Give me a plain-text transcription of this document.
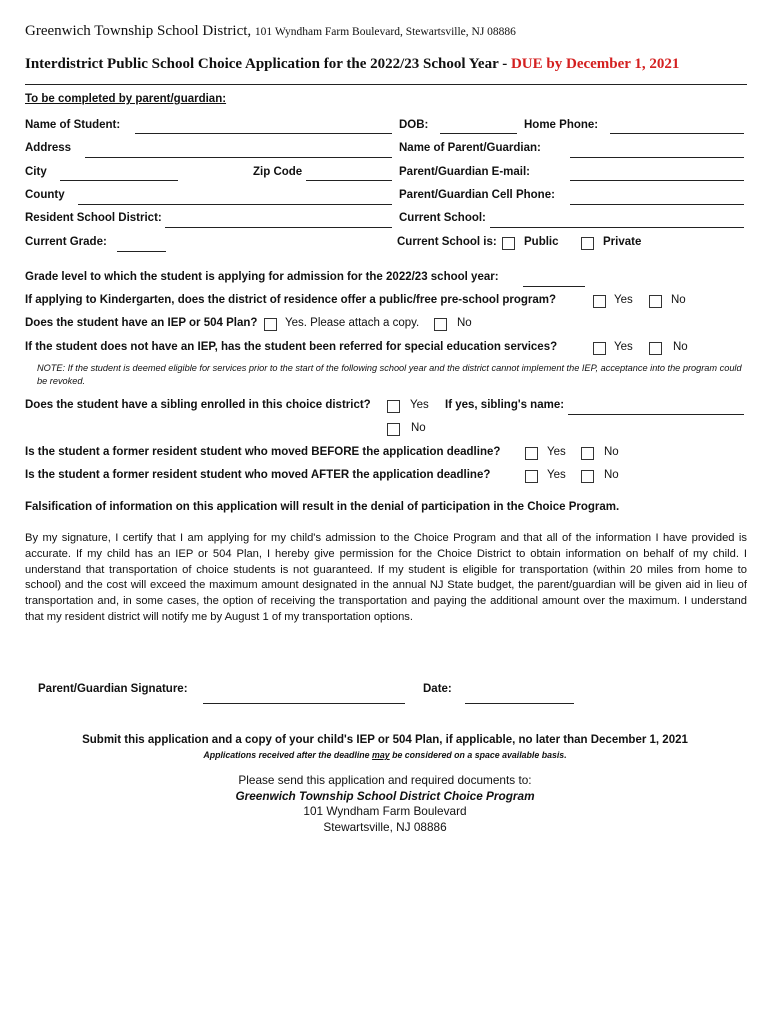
Greenwich Township School District, 101 Wyndham Farm Boulevard, Stewartsville, NJ 08886
Interdistrict Public School Choice Application for the 2022/23 School Year - DUE by December 1, 2021
To be completed by parent/guardian:
Name of Student:	DOB:	Home Phone:
Address	Name of Parent/Guardian:
City	Zip Code	Parent/Guardian E-mail:
County	Parent/Guardian Cell Phone:
Resident School District:	Current School:
Current Grade:	Current School is: Public	Private
Grade level to which the student is applying for admission for the 2022/23 school year:
If applying to Kindergarten, does the district of residence offer a public/free pre-school program?	Yes	No
Does the student have an IEP or 504 Plan? Yes. Please attach a copy.	No
If the student does not have an IEP, has the student been referred for special education services?	Yes	No
NOTE: If the student is deemed eligible for services prior to the start of the following school year and the district cannot implement the IEP, acceptance into the program could be revoked.
Does the student have a sibling enrolled in this choice district?	Yes If yes, sibling's name:
No
Is the student a former resident student who moved BEFORE the application deadline?	Yes	No
Is the student a former resident student who moved AFTER the application deadline?	Yes	No
Falsification of information on this application will result in the denial of participation in the Choice Program.
By my signature, I certify that I am applying for my child's admission to the Choice Program and that all of the information I have provided is accurate. If my child has an IEP or 504 Plan, I hereby give permission for the Choice District to obtain information on behalf of my child. I understand that transportation of choice students is not guaranteed. If my student is eligible for transportation (within 20 miles from home to school) and the cost will exceed the maximum amount designated in the annual NJ State budget, the parent/guardian will be given aid in lieu of transportation and, in some cases, the option of receiving the transportation and paying the additional amount over the maximum. I understand that my resident district will notify me by August 1 of my transportation options.
Parent/Guardian Signature:	Date:
Submit this application and a copy of your child's IEP or 504 Plan, if applicable, no later than December 1, 2021
Applications received after the deadline may be considered on a space available basis.
Please send this application and required documents to:
Greenwich Township School District Choice Program
101 Wyndham Farm Boulevard
Stewartsville, NJ 08886
